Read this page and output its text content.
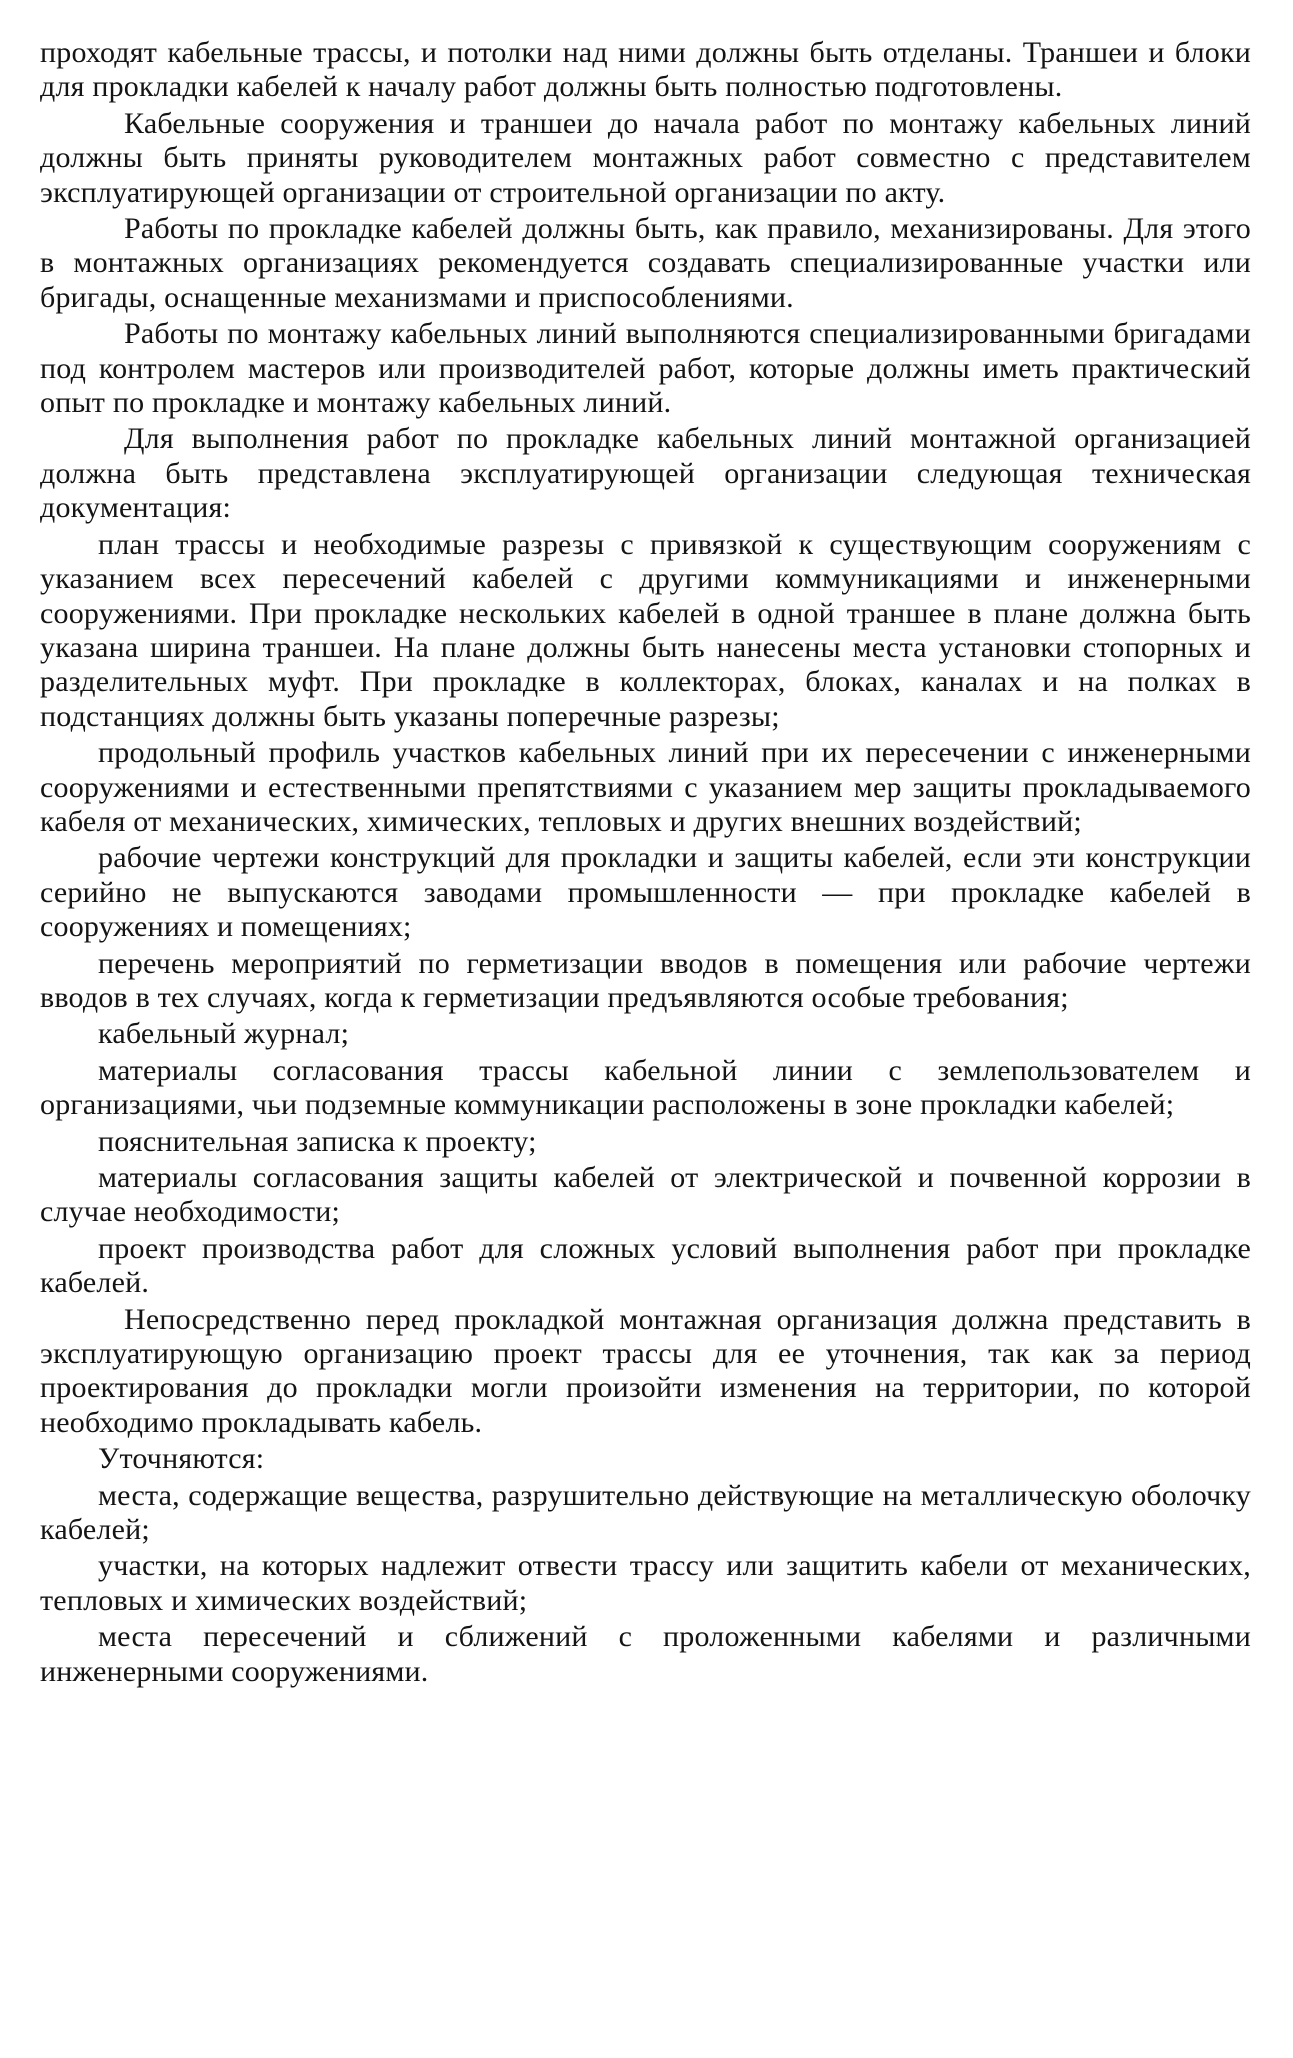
проходят кабельные трассы, и потолки над ними должны быть отделаны. Траншеи и блоки для прокладки кабелей к началу работ должны быть полностью подготовлены.

Кабельные сооружения и траншеи до начала работ по монтажу кабельных линий должны быть приняты руководителем монтажных работ совместно с представителем эксплуатирующей организации от строительной организации по акту.

Работы по прокладке кабелей должны быть, как правило, механизированы. Для этого в монтажных организациях рекомендуется создавать специализированные участки или бригады, оснащенные механизмами и приспособлениями.

Работы по монтажу кабельных линий выполняются специализированными бригадами под контролем мастеров или производителей работ, которые должны иметь практический опыт по прокладке и монтажу кабельных линий.

Для выполнения работ по прокладке кабельных линий монтажной организацией должна быть представлена эксплуатирующей организации следующая техническая документация:

план трассы и необходимые разрезы с привязкой к существующим сооружениям с указанием всех пересечений кабелей с другими коммуникациями и инженерными сооружениями. При прокладке нескольких кабелей в одной траншее в плане должна быть указана ширина траншеи. На плане должны быть нанесены места установки стопорных и разделительных муфт. При прокладке в коллекторах, блоках, каналах и на полках в подстанциях должны быть указаны поперечные разрезы;

продольный профиль участков кабельных линий при их пересечении с инженерными сооружениями и естественными препятствиями с указанием мер защиты прокладываемого кабеля от механических, химических, тепловых и других внешних воздействий;

рабочие чертежи конструкций для прокладки и защиты кабелей, если эти конструкции серийно не выпускаются заводами промышленности — при прокладке кабелей в сооружениях и помещениях;

перечень мероприятий по герметизации вводов в помещения или рабочие чертежи вводов в тех случаях, когда к герметизации предъявляются особые требования;

кабельный журнал;

материалы согласования трассы кабельной линии с землепользователем и организациями, чьи подземные коммуникации расположены в зоне прокладки кабелей;

пояснительная записка к проекту;

материалы согласования защиты кабелей от электрической и почвенной коррозии в случае необходимости;

проект производства работ для сложных условий выполнения работ при прокладке кабелей.

Непосредственно перед прокладкой монтажная организация должна представить в эксплуатирующую организацию проект трассы для ее уточнения, так как за период проектирования до прокладки могли произойти изменения на территории, по которой необходимо прокладывать кабель.

Уточняются:

места, содержащие вещества, разрушительно действующие на металлическую оболочку кабелей;

участки, на которых надлежит отвести трассу или защитить кабели от механических, тепловых и химических воздействий;

места пересечений и сближений с проложенными кабелями и различными инженерными сооружениями.
